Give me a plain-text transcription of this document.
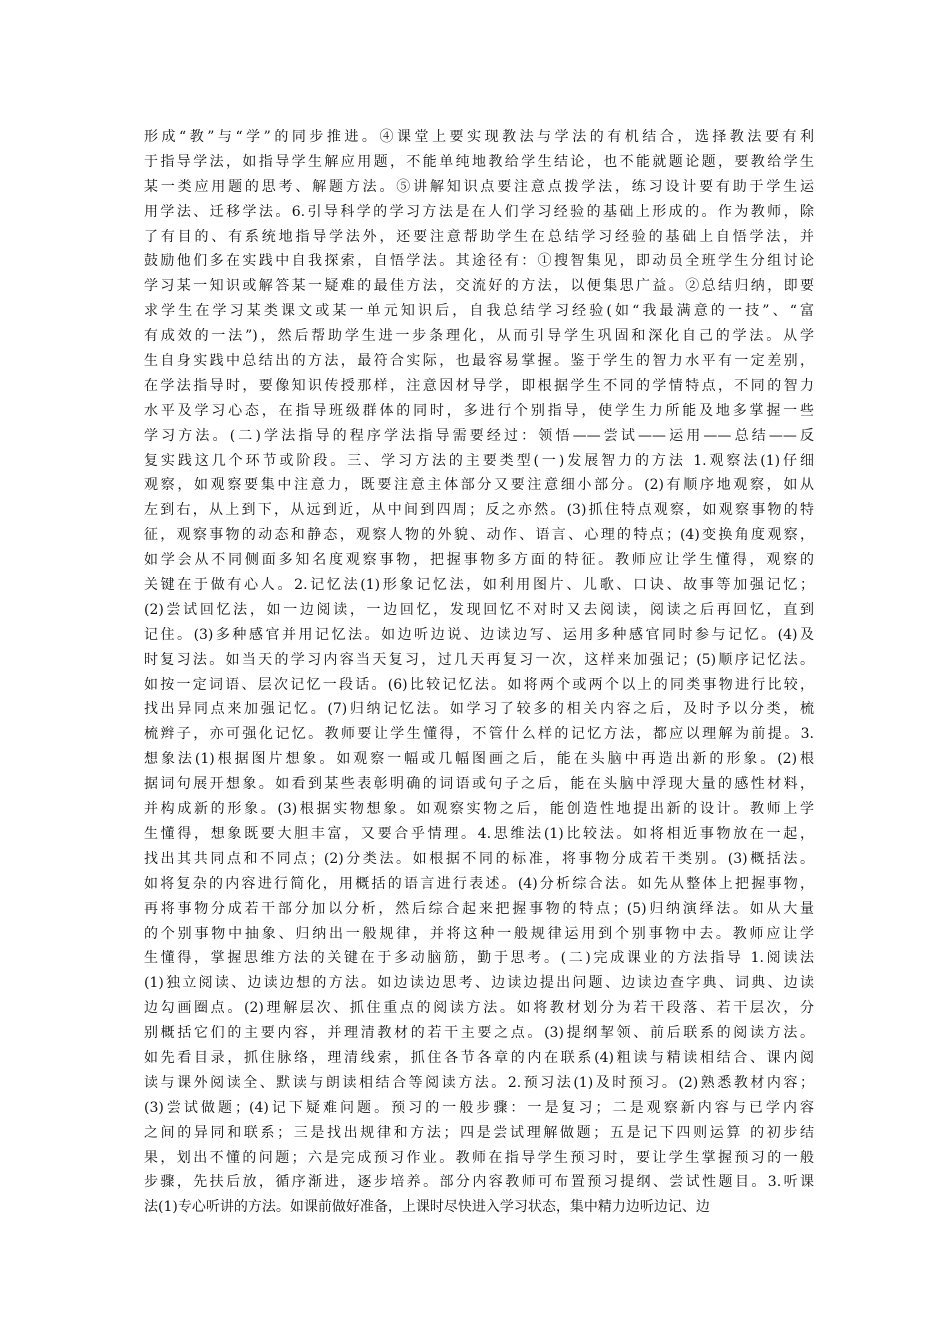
形成“教”与“学”的同步推进。④课堂上要实现教法与学法的有机结合，选择教法要有利
于指导学法，如指导学生解应用题，不能单纯地教给学生结论，也不能就题论题，要教给学生
某一类应用题的思考、解题方法。⑤讲解知识点要注意点拨学法，练习设计要有助于学生运
用学法、迁移学法。6.引导科学的学习方法是在人们学习经验的基础上形成的。作为教师，除
了有目的、有系统地指导学法外，还要注意帮助学生在总结学习经验的基础上自悟学法，并
鼓励他们多在实践中自我探索，自悟学法。其途径有：①搜智集见，即动员全班学生分组讨论
学习某一知识或解答某一疑难的最佳方法，交流好的方法，以便集思广益。②总结归纳，即要
求学生在学习某类课文或某一单元知识后，自我总结学习经验(如“我最满意的一技”、“富
有成效的一法”)，然后帮助学生进一步条理化，从而引导学生巩固和深化自己的学法。从学
生自身实践中总结出的方法，最符合实际，也最容易掌握。鉴于学生的智力水平有一定差别，
在学法指导时，要像知识传授那样，注意因材导学，即根据学生不同的学情特点，不同的智力
水平及学习心态，在指导班级群体的同时，多进行个别指导，使学生力所能及地多掌握一些
学习方法。(二)学法指导的程序学法指导需要经过：领悟——尝试——运用——总结——反
复实践这几个环节或阶段。三、学习方法的主要类型(一)发展智力的方法 1.观察法(1)仔细
观察，如观察要集中注意力，既要注意主体部分又要注意细小部分。(2)有顺序地观察，如从
左到右，从上到下，从远到近，从中间到四周；反之亦然。(3)抓住特点观察，如观察事物的特
征，观察事物的动态和静态，观察人物的外貌、动作、语言、心理的特点；(4)变换角度观察，
如学会从不同侧面多知名度观察事物，把握事物多方面的特征。教师应让学生懂得，观察的
关键在于做有心人。2.记忆法(1)形象记忆法，如利用图片、儿歌、口诀、故事等加强记忆；
(2)尝试回忆法，如一边阅读，一边回忆，发现回忆不对时又去阅读，阅读之后再回忆，直到
记住。(3)多种感官并用记忆法。如边听边说、边读边写、运用多种感官同时参与记忆。(4)及
时复习法。如当天的学习内容当天复习，过几天再复习一次，这样来加强记；(5)顺序记忆法。
如按一定词语、层次记忆一段话。(6)比较记忆法。如将两个或两个以上的同类事物进行比较，
找出异同点来加强记忆。(7)归纳记忆法。如学习了较多的相关内容之后，及时予以分类，梳
梳辫子，亦可强化记忆。教师要让学生懂得，不管什么样的记忆方法，都应以理解为前提。3.
想象法(1)根据图片想象。如观察一幅或几幅图画之后，能在头脑中再造出新的形象。(2)根
据词句展开想象。如看到某些表彰明确的词语或句子之后，能在头脑中浮现大量的感性材料，
并构成新的形象。(3)根据实物想象。如观察实物之后，能创造性地提出新的设计。教师上学
生懂得，想象既要大胆丰富，又要合乎情理。4.思维法(1)比较法。如将相近事物放在一起，
找出其共同点和不同点；(2)分类法。如根据不同的标准，将事物分成若干类别。(3)概括法。
如将复杂的内容进行简化，用概括的语言进行表述。(4)分析综合法。如先从整体上把握事物，
再将事物分成若干部分加以分析，然后综合起来把握事物的特点；(5)归纳演绎法。如从大量
的个别事物中抽象、归纳出一般规律，并将这种一般规律运用到个别事物中去。教师应让学
生懂得，掌握思维方法的关键在于多动脑筋，勤于思考。(二)完成课业的方法指导 1.阅读法
(1)独立阅读、边读边想的方法。如边读边思考、边读边提出问题、边读边查字典、词典、边读
边勾画圈点。(2)理解层次、抓住重点的阅读方法。如将教材划分为若干段落、若干层次，分
别概括它们的主要内容，并理清教材的若干主要之点。(3)提纲挈领、前后联系的阅读方法。
如先看目录，抓住脉络，理清线索，抓住各节各章的内在联系(4)粗读与精读相结合、课内阅
读与课外阅读全、默读与朗读相结合等阅读方法。2.预习法(1)及时预习。(2)熟悉教材内容；
(3)尝试做题；(4)记下疑难问题。预习的一般步骤：一是复习；二是观察新内容与已学内容
之间的异同和联系；三是找出规律和方法；四是尝试理解做题；五是记下四则运算 的初步结
果，划出不懂的问题；六是完成预习作业。教师在指导学生预习时，要让学生掌握预习的一般
步骤，先扶后放，循序渐进，逐步培养。部分内容教师可布置预习提纲、尝试性题目。3.听课
法(1)专心听讲的方法。如课前做好准备，上课时尽快进入学习状态，集中精力边听边记、边
